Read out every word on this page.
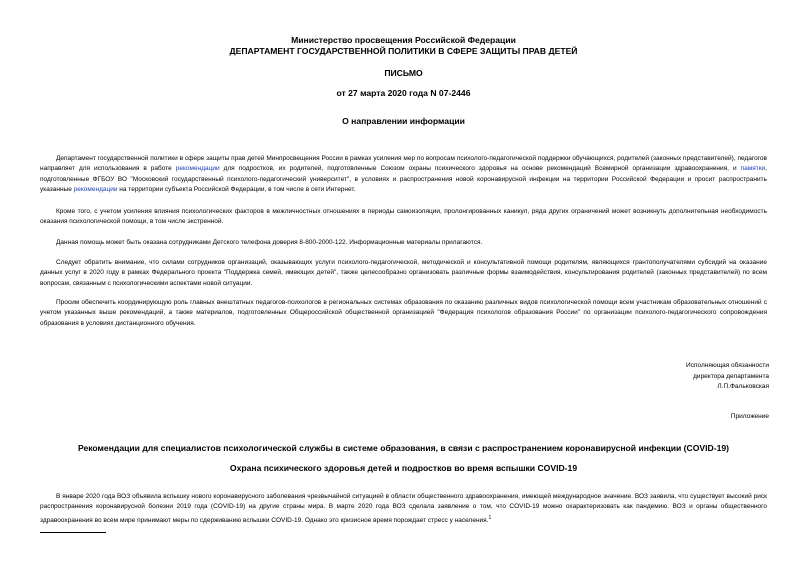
Министерство просвещения Российской Федерации
ДЕПАРТАМЕНТ ГОСУДАРСТВЕННОЙ ПОЛИТИКИ В СФЕРЕ ЗАЩИТЫ ПРАВ ДЕТЕЙ
ПИСЬМО
от 27 марта 2020 года N 07-2446
О направлении информации

Департамент государственной политики в сфере защиты прав детей Минпросвещения России в рамках усиления мер по вопросам психолого-педагогической поддержки обучающихся, родителей (законных представителей), педагогов направляет для использования в работе рекомендации для подростков, их родителей, подготовленные Союзом охраны психического здоровья на основе рекомендаций Всемирной организации здравоохранения, и памятки, подготовленные ФГБОУ ВО "Московский государственный психолого-педагогический университет", в условиях и распространения новой коронавирусной инфекции на территории Российской Федерации и просит распространить указанные рекомендации на территории субъекта Российской Федерации, в том числе в сети Интернет.

Кроме того, с учетом усиления влияния психологических факторов в межличностных отношениях в периоды самоизоляции, пролонгированных каникул, ряда других ограничений может возникнуть дополнительная необходимость оказания психологической помощи, в том числе экстренной.

Данная помощь может быть оказана сотрудниками Детского телефона доверия 8-800-2000-122. Информационные материалы прилагаются.

Следует обратить внимание, что силами сотрудников организаций, оказывающих услуги психолого-педагогической, методической и консультативной помощи родителям, являющихся грантополучателями субсидий на оказание данных услуг в 2020 году в рамках Федерального проекта "Поддержка семей, имеющих детей", также целесообразно организовать различные формы взаимодействия, консультирования родителей (законных представителей) по всем вопросам, связанным с психологическими аспектами новой ситуации.

Просим обеспечить координирующую роль главных внештатных педагогов-психологов в региональных системах образования по оказанию различных видов психологической помощи всем участникам образовательных отношений с учетом указанных выше рекомендаций, а также материалов, подготовленных Общероссийской общественной организацией "Федерация психологов образования России" по организации психолого-педагогического сопровождения образования в условиях дистанционного обучения.

Исполняющая обязанности
директора департамента
Л.П.Фальковская
Приложение
Рекомендации для специалистов психологической службы в системе образования, в связи с распространением коронавирусной инфекции (COVID-19)
Охрана психического здоровья детей и подростков во время вспышки COVID-19

В январе 2020 года ВОЗ объявила вспышку нового коронавирусного заболевания чрезвычайной ситуацией в области общественного здравоохранения, имеющей международное значение. ВОЗ заявила, что существует высокий риск распространения коронавирусной болезни 2019 года (COVID-19) на другие страны мира. В марте 2020 года ВОЗ сделала заявление о том, что COVID-19 можно охарактеризовать как пандемию. ВОЗ и органы общественного здравоохранения во всем мире принимают меры по сдерживанию вспышки COVID-19. Однако это кризисное время порождает стресс у населения.$^1$
